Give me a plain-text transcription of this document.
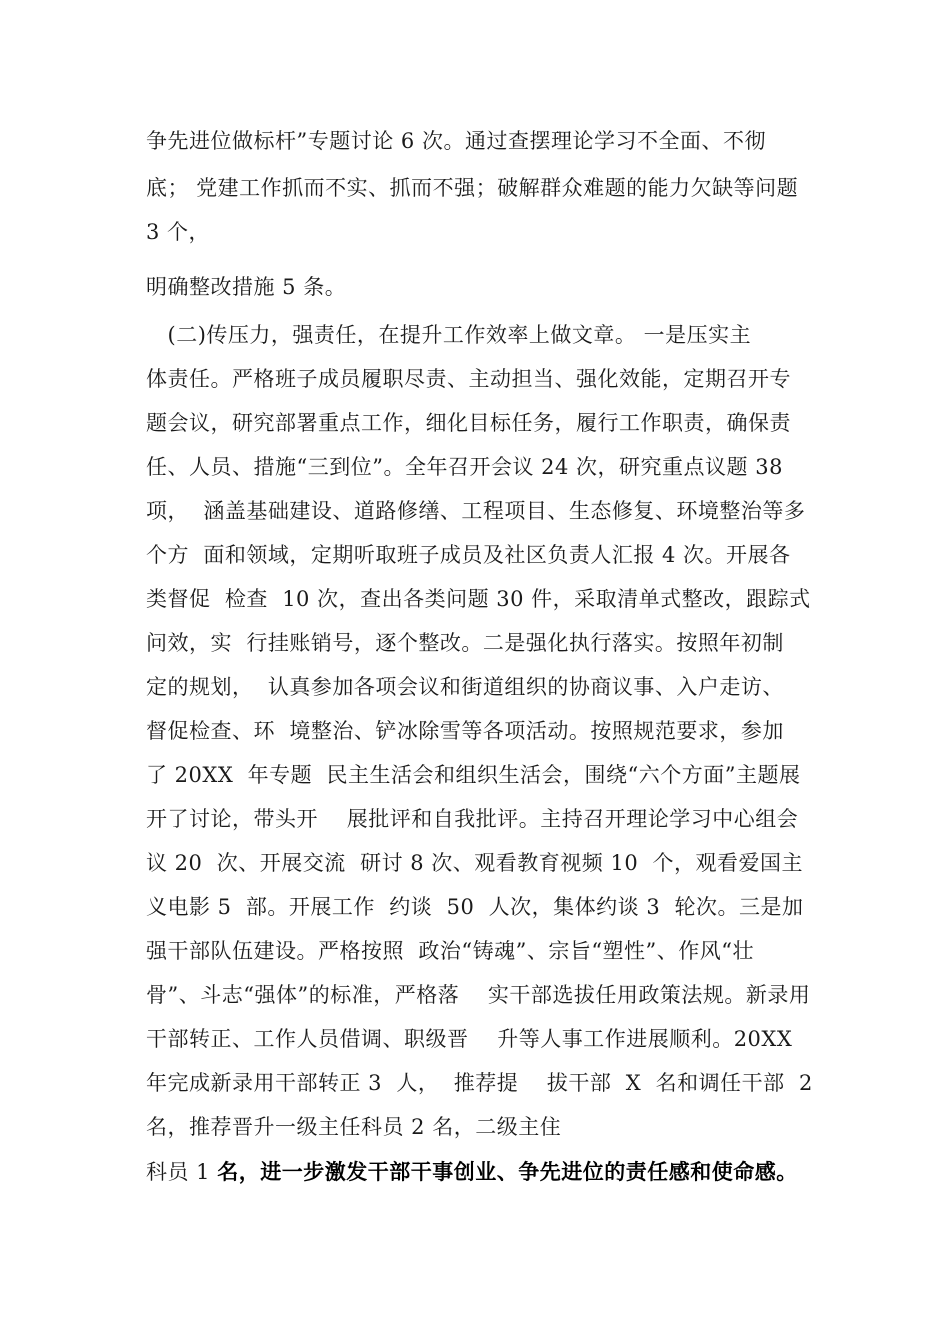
争先进位做标杆”专题讨论 6 次。通过查摆理论学习不全面、不彻
底； 党建工作抓而不实、抓而不强；破解群众难题的能力欠缺等问题
3 个，
明确整改措施 5 条。
(二)传压力，强责任，在提升工作效率上做文章。 一是压实主
体责任。严格班子成员履职尽责、主动担当、强化效能，定期召开专
题会议，研究部署重点工作，细化目标任务，履行工作职责，确保责
任、人员、措施“三到位”。全年召开会议 24 次，研究重点议题 38
项，  涵盖基础建设、道路修缮、工程项目、生态修复、环境整治等多
个方  面和领域，定期听取班子成员及社区负责人汇报 4 次。开展各
类督促  检查  10 次，查出各类问题 30 件，采取清单式整改，跟踪式
问效，实  行挂账销号，逐个整改。二是强化执行落实。按照年初制
定的规划，  认真参加各项会议和街道组织的协商议事、入户走访、
督促检查、环  境整治、铲冰除雪等各项活动。按照规范要求，参加
了 20XX  年专题  民主生活会和组织生活会，围绕“六个方面”主题展
开了讨论，带头开    展批评和自我批评。主持召开理论学习中心组会
议 20  次、开展交流  研讨 8 次、观看教育视频 10  个，观看爱国主
义电影 5  部。开展工作  约谈  50  人次，集体约谈 3  轮次。三是加
强干部队伍建设。严格按照  政治“铸魂”、宗旨“塑性”、作风“壮
骨”、斗志“强体”的标准，严格落    实干部选拔任用政策法规。新录用
干部转正、工作人员借调、职级晋    升等人事工作进展顺利。20XX
年完成新录用干部转正 3  人，  推荐提    拔干部  X  名和调任干部  2
名，推荐晋升一级主任科员 2 名，二级主住
科员 1 名，进一步激发干部干事创业、争先进位的责任感和使命感。
